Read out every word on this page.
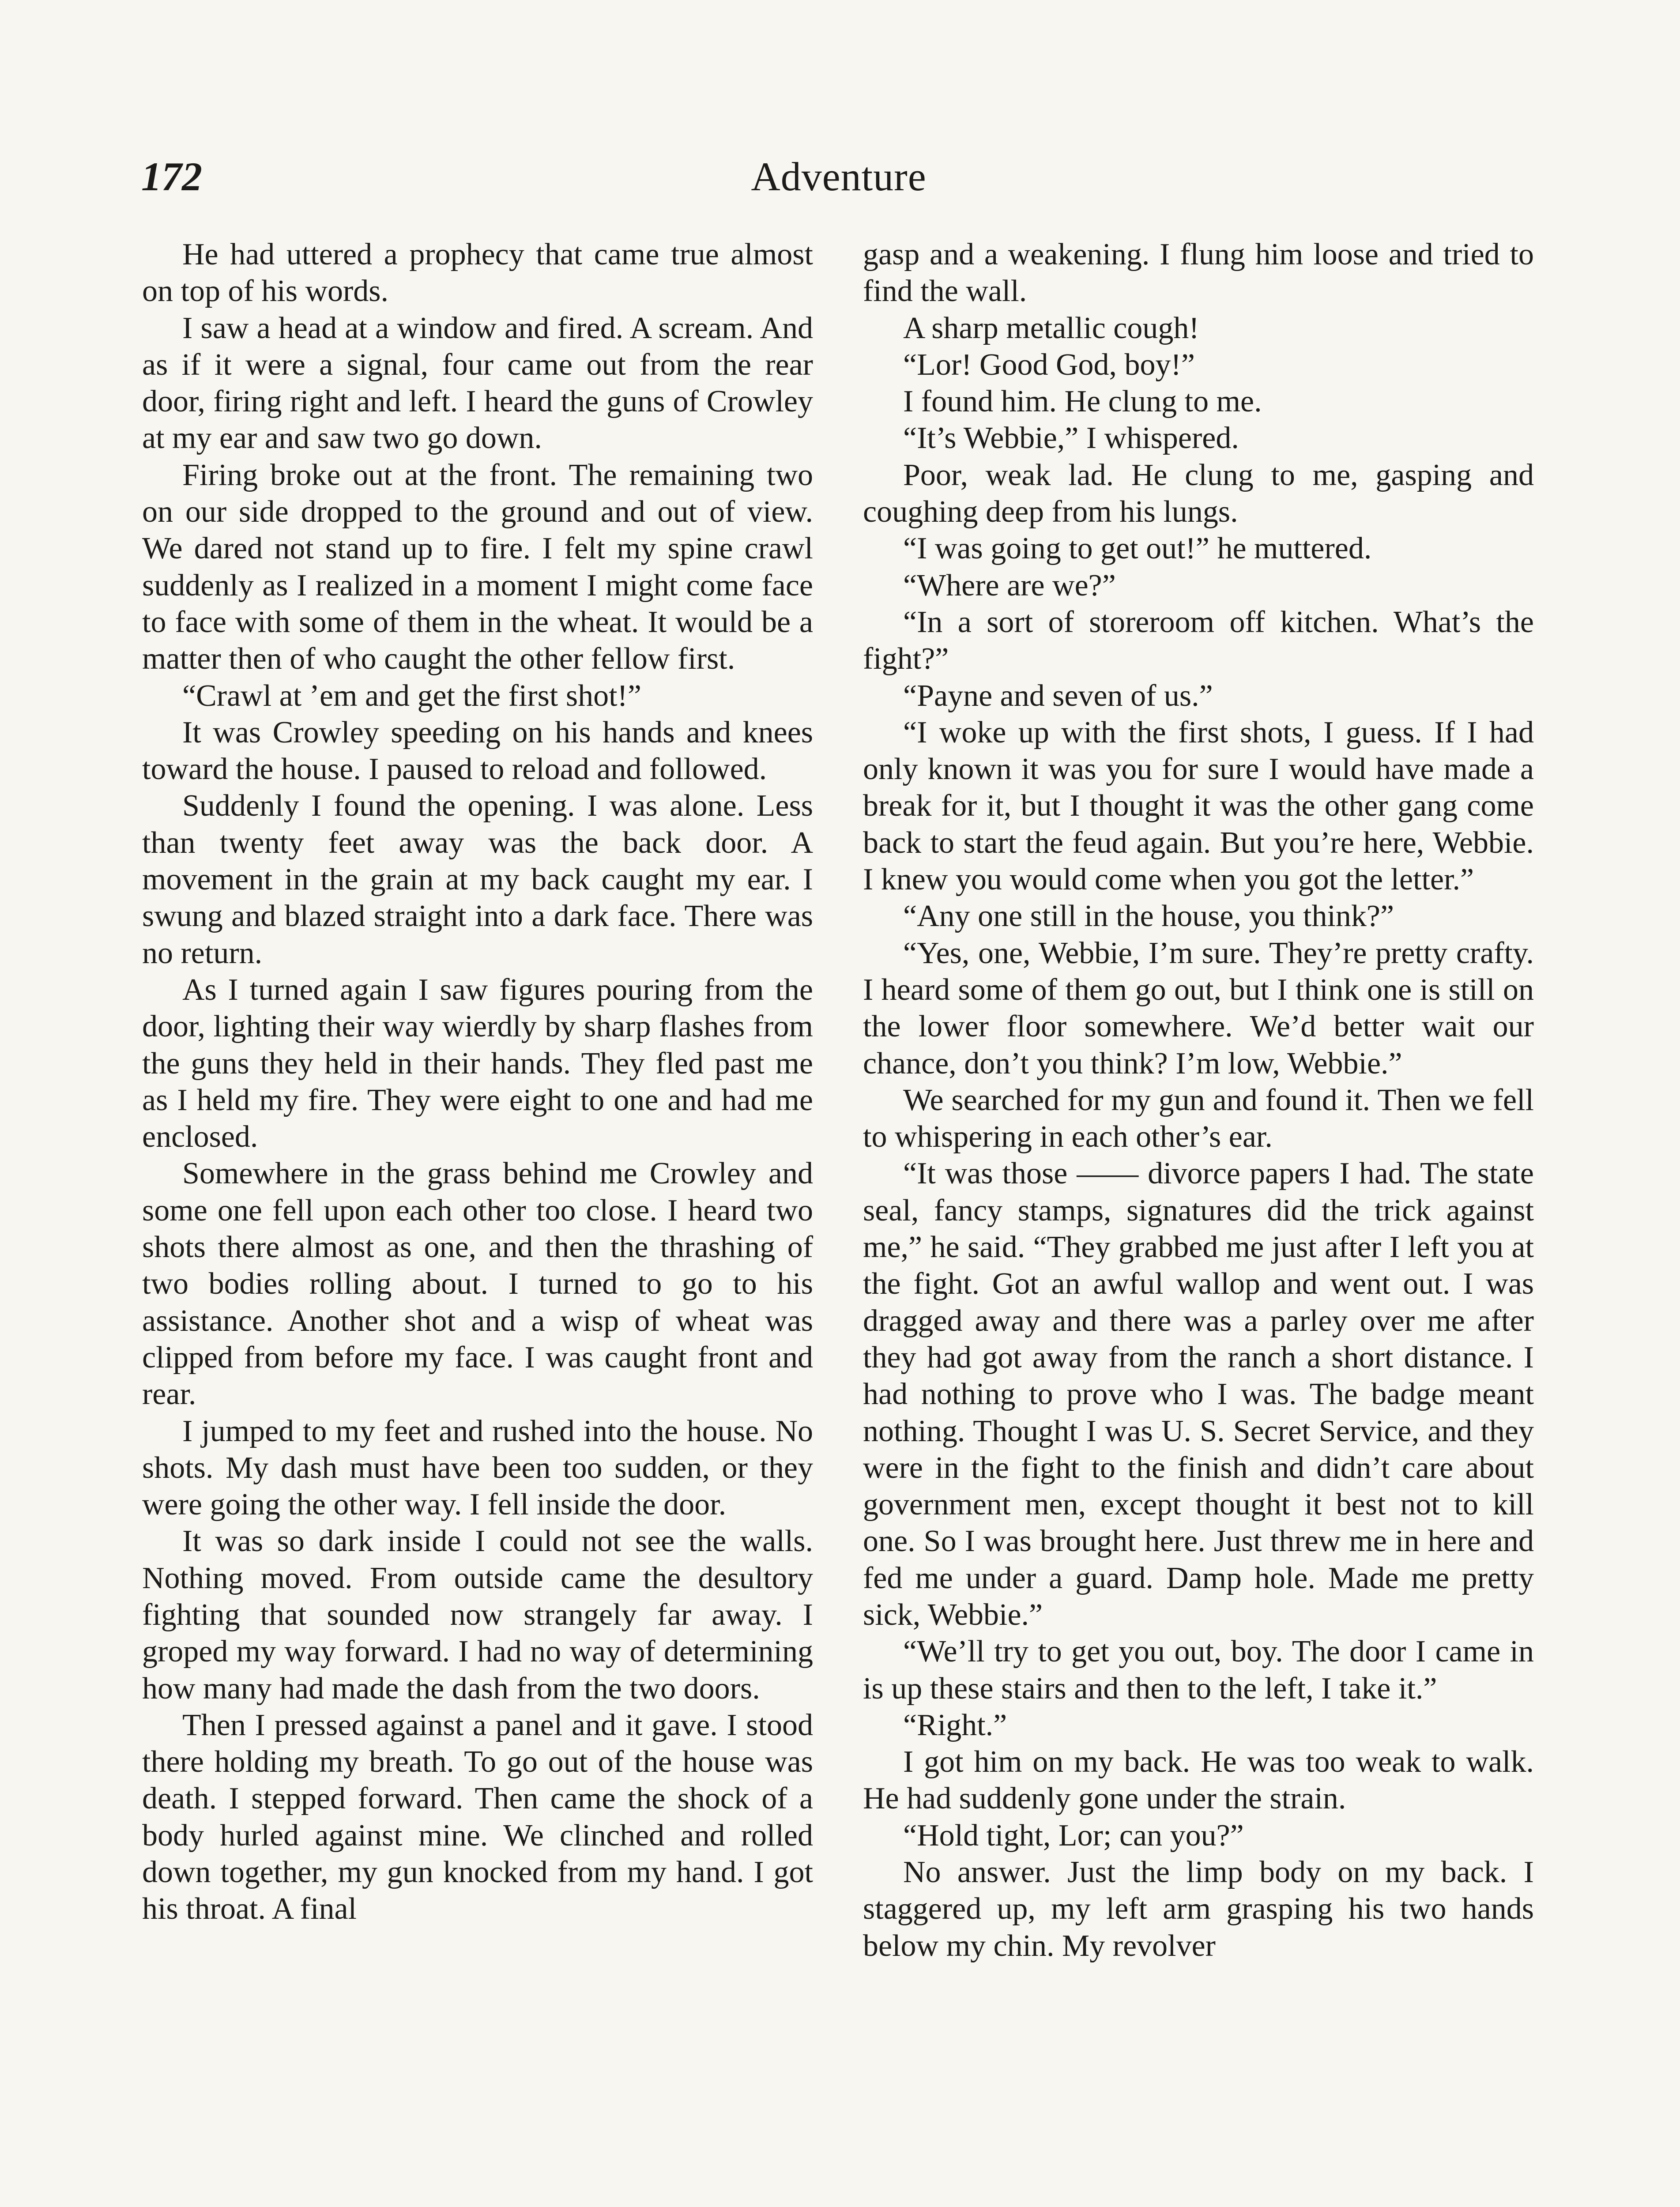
172	Adventure

He had uttered a prophecy that came true almost on top of his words.

I saw a head at a window and fired. A scream. And as if it were a signal, four came out from the rear door, firing right and left. I heard the guns of Crowley at my ear and saw two go down.

Firing broke out at the front. The remaining two on our side dropped to the ground and out of view. We dared not stand up to fire. I felt my spine crawl suddenly as I realized in a moment I might come face to face with some of them in the wheat. It would be a matter then of who caught the other fellow first.

“Crawl at ’em and get the first shot!”

It was Crowley speeding on his hands and knees toward the house. I paused to reload and followed.

Suddenly I found the opening. I was alone. Less than twenty feet away was the back door. A movement in the grain at my back caught my ear. I swung and blazed straight into a dark face. There was no return.

As I turned again I saw figures pouring from the door, lighting their way wierdly by sharp flashes from the guns they held in their hands. They fled past me as I held my fire. They were eight to one and had me enclosed.

Somewhere in the grass behind me Crowley and some one fell upon each other too close. I heard two shots there almost as one, and then the thrashing of two bodies rolling about. I turned to go to his assistance. Another shot and a wisp of wheat was clipped from before my face. I was caught front and rear.

I jumped to my feet and rushed into the house. No shots. My dash must have been too sudden, or they were going the other way. I fell inside the door.

It was so dark inside I could not see the walls. Nothing moved. From outside came the desultory fighting that sounded now strangely far away. I groped my way forward. I had no way of determining how many had made the dash from the two doors.

Then I pressed against a panel and it gave. I stood there holding my breath. To go out of the house was death. I stepped forward. Then came the shock of a body hurled against mine. We clinched and rolled down together, my gun knocked from my hand. I got his throat. A final

gasp and a weakening. I flung him loose and tried to find the wall.

A sharp metallic cough!

“Lor! Good God, boy!”

I found him. He clung to me.

“It’s Webbie,” I whispered.

Poor, weak lad. He clung to me, gasping and coughing deep from his lungs.

“I was going to get out!” he muttered.

“Where are we?”

“In a sort of storeroom off kitchen. What’s the fight?”

“Payne and seven of us.”

“I woke up with the first shots, I guess. If I had only known it was you for sure I would have made a break for it, but I thought it was the other gang come back to start the feud again. But you’re here, Webbie. I knew you would come when you got the letter.”

“Any one still in the house, you think?”

“Yes, one, Webbie, I’m sure. They’re pretty crafty. I heard some of them go out, but I think one is still on the lower floor somewhere. We’d better wait our chance, don’t you think? I’m low, Webbie.”

We searched for my gun and found it. Then we fell to whispering in each other’s ear.

“It was those —— divorce papers I had. The state seal, fancy stamps, signatures did the trick against me,” he said. “They grabbed me just after I left you at the fight. Got an awful wallop and went out. I was dragged away and there was a parley over me after they had got away from the ranch a short distance. I had nothing to prove who I was. The badge meant nothing. Thought I was U. S. Secret Service, and they were in the fight to the finish and didn’t care about government men, except thought it best not to kill one. So I was brought here. Just threw me in here and fed me under a guard. Damp hole. Made me pretty sick, Webbie.”

“We’ll try to get you out, boy. The door I came in is up these stairs and then to the left, I take it.”

“Right.”

I got him on my back. He was too weak to walk. He had suddenly gone under the strain.

“Hold tight, Lor; can you?”

No answer. Just the limp body on my back. I staggered up, my left arm grasping his two hands below my chin. My revolver
